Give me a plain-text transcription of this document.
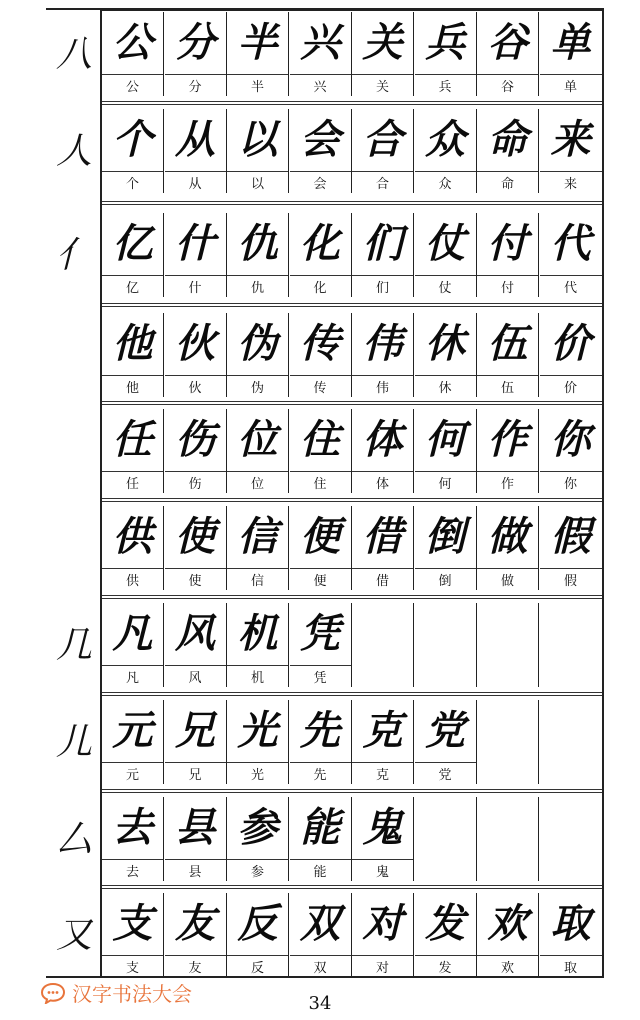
八 公
公
分
分
半
半
兴
兴
关
关
兵
兵
谷
谷
单
单
人 个
个
从
从
以
以
会
会
合
合
众
众
命
命
来
来
亻 亿
亿
什
什
仇
仇
化
化
们
们
仗
仗
付
付
代
代
他
他
伙
伙
伪
伪
传
传
伟
伟
休
休
伍
伍
价
价
任
任
伤
伤
位
位
住
住
体
体
何
何
作
作
你
你
供
供
使
使
信
信
便
便
借
借
倒
倒
做
做
假
假
几 凡
凡
风
风
机
机
凭
凭
儿 元
元
兄
兄
光
光
先
先
克
克
党
党
厶 去
去
县
县
参
参
能
能
鬼
鬼
又 支
支
友
友
反
反
双
双
对
对
发
发
欢
欢
取
取
汉字书法大会	34
